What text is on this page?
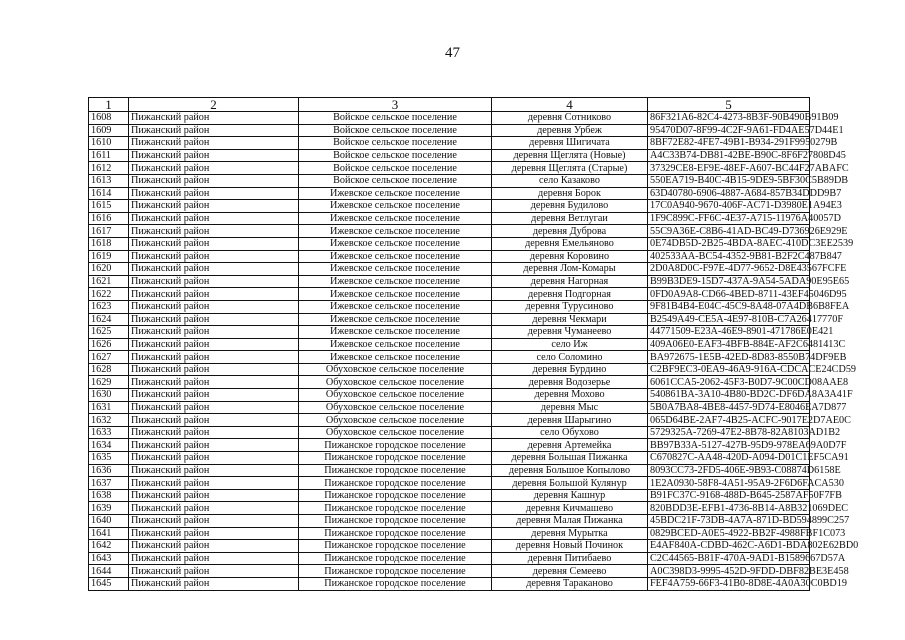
47
1	2	3	4	5
1608	Пижанский район	Войское сельское поселение	деревня Сотниково	86F321A6-82C4-4273-8B3F-90B490B91B09
1609	Пижанский район	Войское сельское поселение	деревня Урбеж	95470D07-8F99-4C2F-9A61-FD4AE57D44E1
1610	Пижанский район	Войское сельское поселение	деревня Шигичата	8BF72E82-4FE7-49B1-B934-291F9950279B
1611	Пижанский район	Войское сельское поселение	деревня Щеглята (Новые)	A4C33B74-DB81-42BE-B90C-8F6F27808D45
1612	Пижанский район	Войское сельское поселение	деревня Щеглята (Старые)	37329CE8-EF9E-48EF-A607-BC44F27ABAFC
1613	Пижанский район	Войское сельское поселение	село Казаково	550EA719-B40C-4B15-9DE9-5BF30C5B89DB
1614	Пижанский район	Ижевское сельское поселение	деревня Борок	63D40780-6906-4887-A684-857B34DDD9B7
1615	Пижанский район	Ижевское сельское поселение	деревня Будилово	17C0A940-9670-406F-AC71-D3980E1A94E3
1616	Пижанский район	Ижевское сельское поселение	деревня Ветлугаи	1F9C899C-FF6C-4E37-A715-11976A40057D
1617	Пижанский район	Ижевское сельское поселение	деревня Дуброва	55C9A36E-C8B6-41AD-BC49-D736926E929E
1618	Пижанский район	Ижевское сельское поселение	деревня Емельяново	0E74DB5D-2B25-4BDA-8AEC-410DC3EE2539
1619	Пижанский район	Ижевское сельское поселение	деревня Коровино	402533AA-BC54-4352-9B81-B2F2C487B847
1620	Пижанский район	Ижевское сельское поселение	деревня Лом-Комары	2D0A8D0C-F97E-4D77-9652-D8E43567FCFE
1621	Пижанский район	Ижевское сельское поселение	деревня Нагорная	B99B3DE9-15D7-437A-9A54-5ADA90E95E65
1622	Пижанский район	Ижевское сельское поселение	деревня Подгорная	0FD0A9A8-CD66-4BED-8711-43EF45046D95
1623	Пижанский район	Ижевское сельское поселение	деревня Турусиново	9F81B4B4-E04C-45C9-8A48-07A4DB6B8FEA
1624	Пижанский район	Ижевское сельское поселение	деревня Чекмари	B2549A49-CE5A-4E97-810B-C7A26417770F
1625	Пижанский район	Ижевское сельское поселение	деревня Чуманеево	44771509-E23A-46E9-8901-471786E0E421
1626	Пижанский район	Ижевское сельское поселение	село Иж	409A06E0-EAF3-4BFB-884E-AF2C6481413C
1627	Пижанский район	Ижевское сельское поселение	село Соломино	BA972675-1E5B-42ED-8D83-8550B74DF9EB
1628	Пижанский район	Обуховское сельское поселение	деревня Бурдино	C2BF9EC3-0EA9-46A9-916A-CDCACE24CD59
1629	Пижанский район	Обуховское сельское поселение	деревня Водозерье	6061CCA5-2062-45F3-B0D7-9C00CD08AAE8
1630	Пижанский район	Обуховское сельское поселение	деревня Мохово	540861BA-3A10-4B80-BD2C-DF6DA8A3A41F
1631	Пижанский район	Обуховское сельское поселение	деревня Мыс	5B0A7BA8-4BE8-4457-9D74-E8046EA7D877
1632	Пижанский район	Обуховское сельское поселение	деревня Шарыгино	065D64BE-2AF7-4B25-ACFC-9017E2D7AE0C
1633	Пижанский район	Обуховское сельское поселение	село Обухово	5729325A-7269-47E2-8B78-82A8103AD1B2
1634	Пижанский район	Пижанское городское поселение	деревня Артемейка	BB97B33A-5127-427B-95D9-978EA69A0D7F
1635	Пижанский район	Пижанское городское поселение	деревня Большая Пижанка	C670827C-AA48-420D-A094-D01C1EF5CA91
1636	Пижанский район	Пижанское городское поселение	деревня Большое Копылово	8093CC73-2FD5-406E-9B93-C08874D6158E
1637	Пижанский район	Пижанское городское поселение	деревня Большой Кулянур	1E2A0930-58F8-4A51-95A9-2F6D6FACA530
1638	Пижанский район	Пижанское городское поселение	деревня Кашнур	B91FC37C-9168-488D-B645-2587AF50F7FB
1639	Пижанский район	Пижанское городское поселение	деревня Кичмашево	820BDD3E-EFB1-4736-8B14-A8B321069DEC
1640	Пижанский район	Пижанское городское поселение	деревня Малая Пижанка	45BDC21F-73DB-4A7A-871D-BD594899C257
1641	Пижанский район	Пижанское городское поселение	деревня Мурытка	0829BCED-A0E5-4922-BB2F-4988FBF1C073
1642	Пижанский район	Пижанское городское поселение	деревня Новый Починок	E4AF840A-CDBD-462C-A6D1-BDA802E62BD0
1643	Пижанский район	Пижанское городское поселение	деревня Питибаево	C2C44565-B81F-470A-9AD1-B1589667D57A
1644	Пижанский район	Пижанское городское поселение	деревня Семеево	A0C398D3-9995-452D-9FDD-DBF82BE3E458
1645	Пижанский район	Пижанское городское поселение	деревня Тараканово	FEF4A759-66F3-41B0-8D8E-4A0A30C0BD19
